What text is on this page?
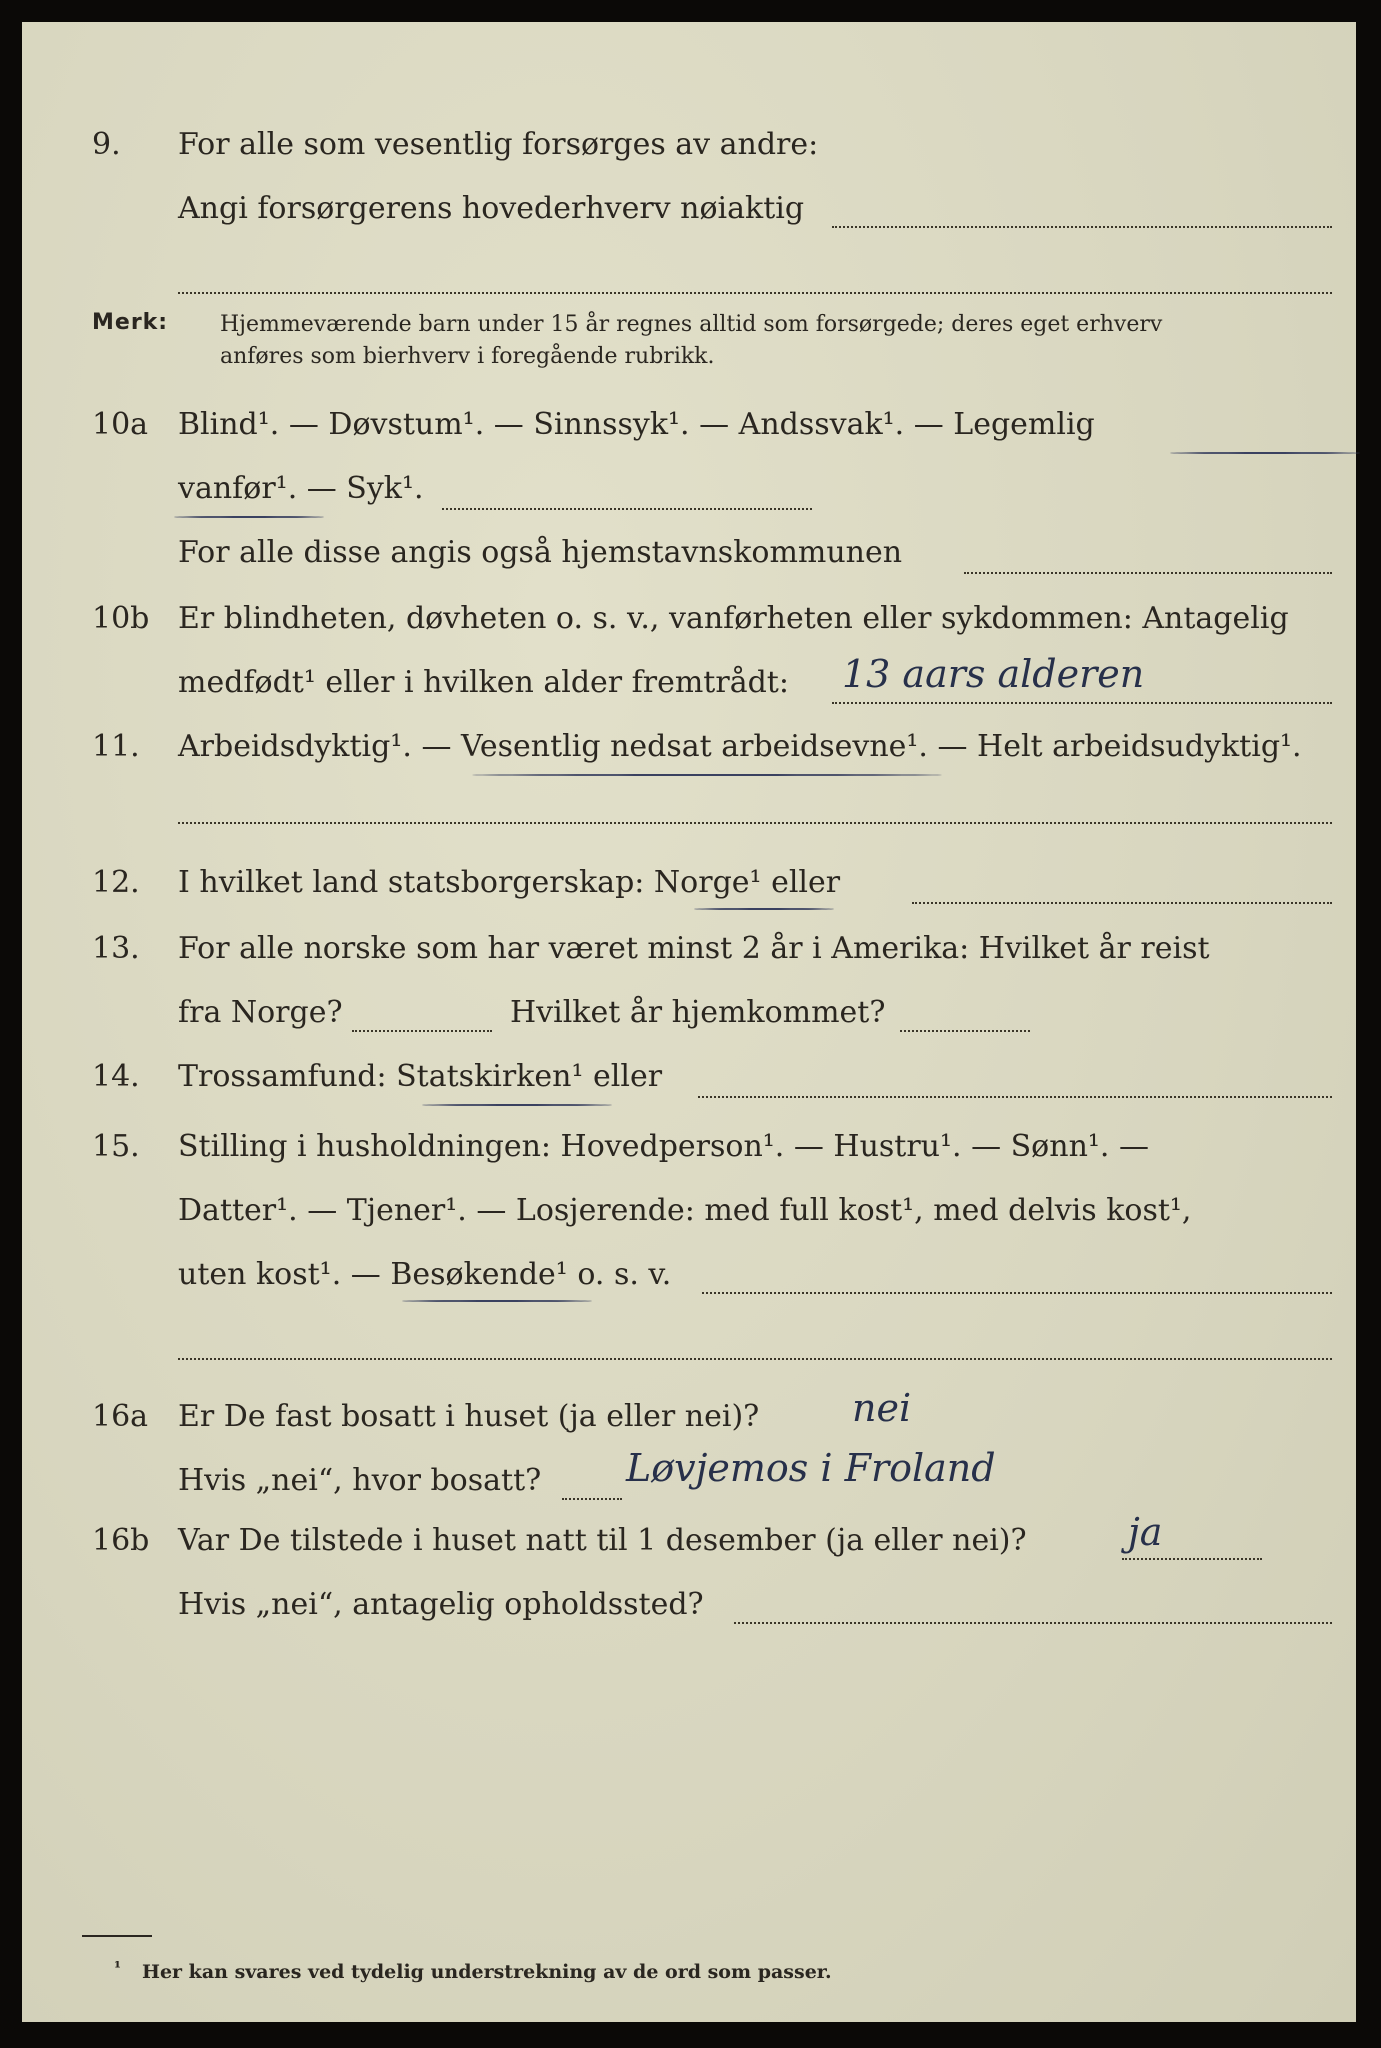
9. For alle som vesentlig forsørges av andre:
Angi forsørgerens hovederhverv nøiaktig
Merk: Hjemmeværende barn under 15 år regnes alltid som forsørgede; deres eget erhverv
anføres som bierhverv i foregående rubrikk.
10a Blind¹. — Døvstum¹. — Sinnssyk¹. — Andssvak¹. — Legemlig
vanfør¹. — Syk¹.
For alle disse angis også hjemstavnskommunen
10b Er blindheten, døvheten o. s. v., vanførheten eller sykdommen: Antagelig
medfødt¹ eller i hvilken alder fremtrådt: 13 aars alderen
11. Arbeidsdyktig¹. — Vesentlig nedsat arbeidsevne¹. — Helt arbeidsudyktig¹.
12. I hvilket land statsborgerskap: Norge¹ eller
13. For alle norske som har været minst 2 år i Amerika: Hvilket år reist
fra Norge?	Hvilket år hjemkommet?
14. Trossamfund: Statskirken¹ eller
15. Stilling i husholdningen: Hovedperson¹. — Hustru¹. — Sønn¹. —
Datter¹. — Tjener¹. — Losjerende: med full kost¹, med delvis kost¹,
uten kost¹. — Besøkende¹ o. s. v.
16a Er De fast bosatt i huset (ja eller nei)? nei
Hvis „nei“, hvor bosatt? Løvjemos i Froland
16b Var De tilstede i huset natt til 1 desember (ja eller nei)?	ja
Hvis „nei“, antagelig opholdssted?
¹ Her kan svares ved tydelig understrekning av de ord som passer.
